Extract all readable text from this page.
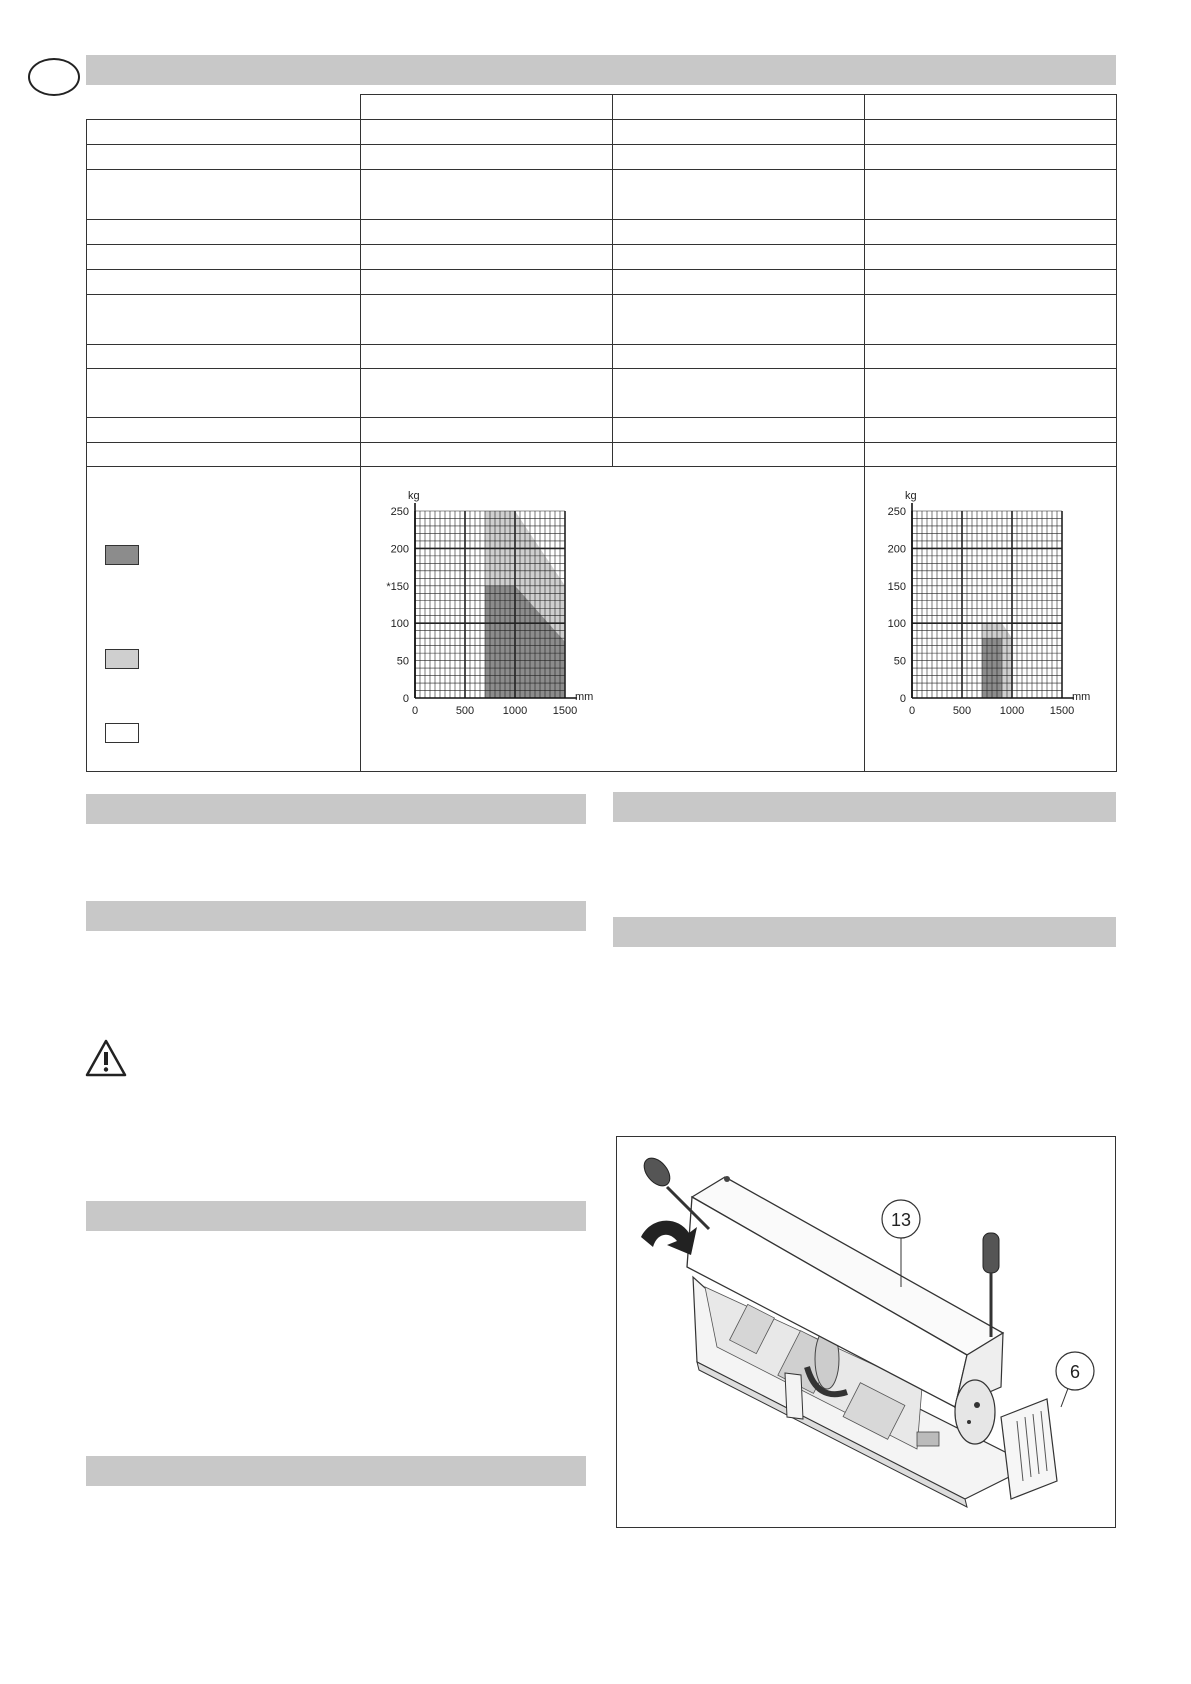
0
50
100
*150
200
250
0	500	1000 1500
kg
mm	0
50
100
150
200
250
0	500	1000 1500
kg
mm
13
6
